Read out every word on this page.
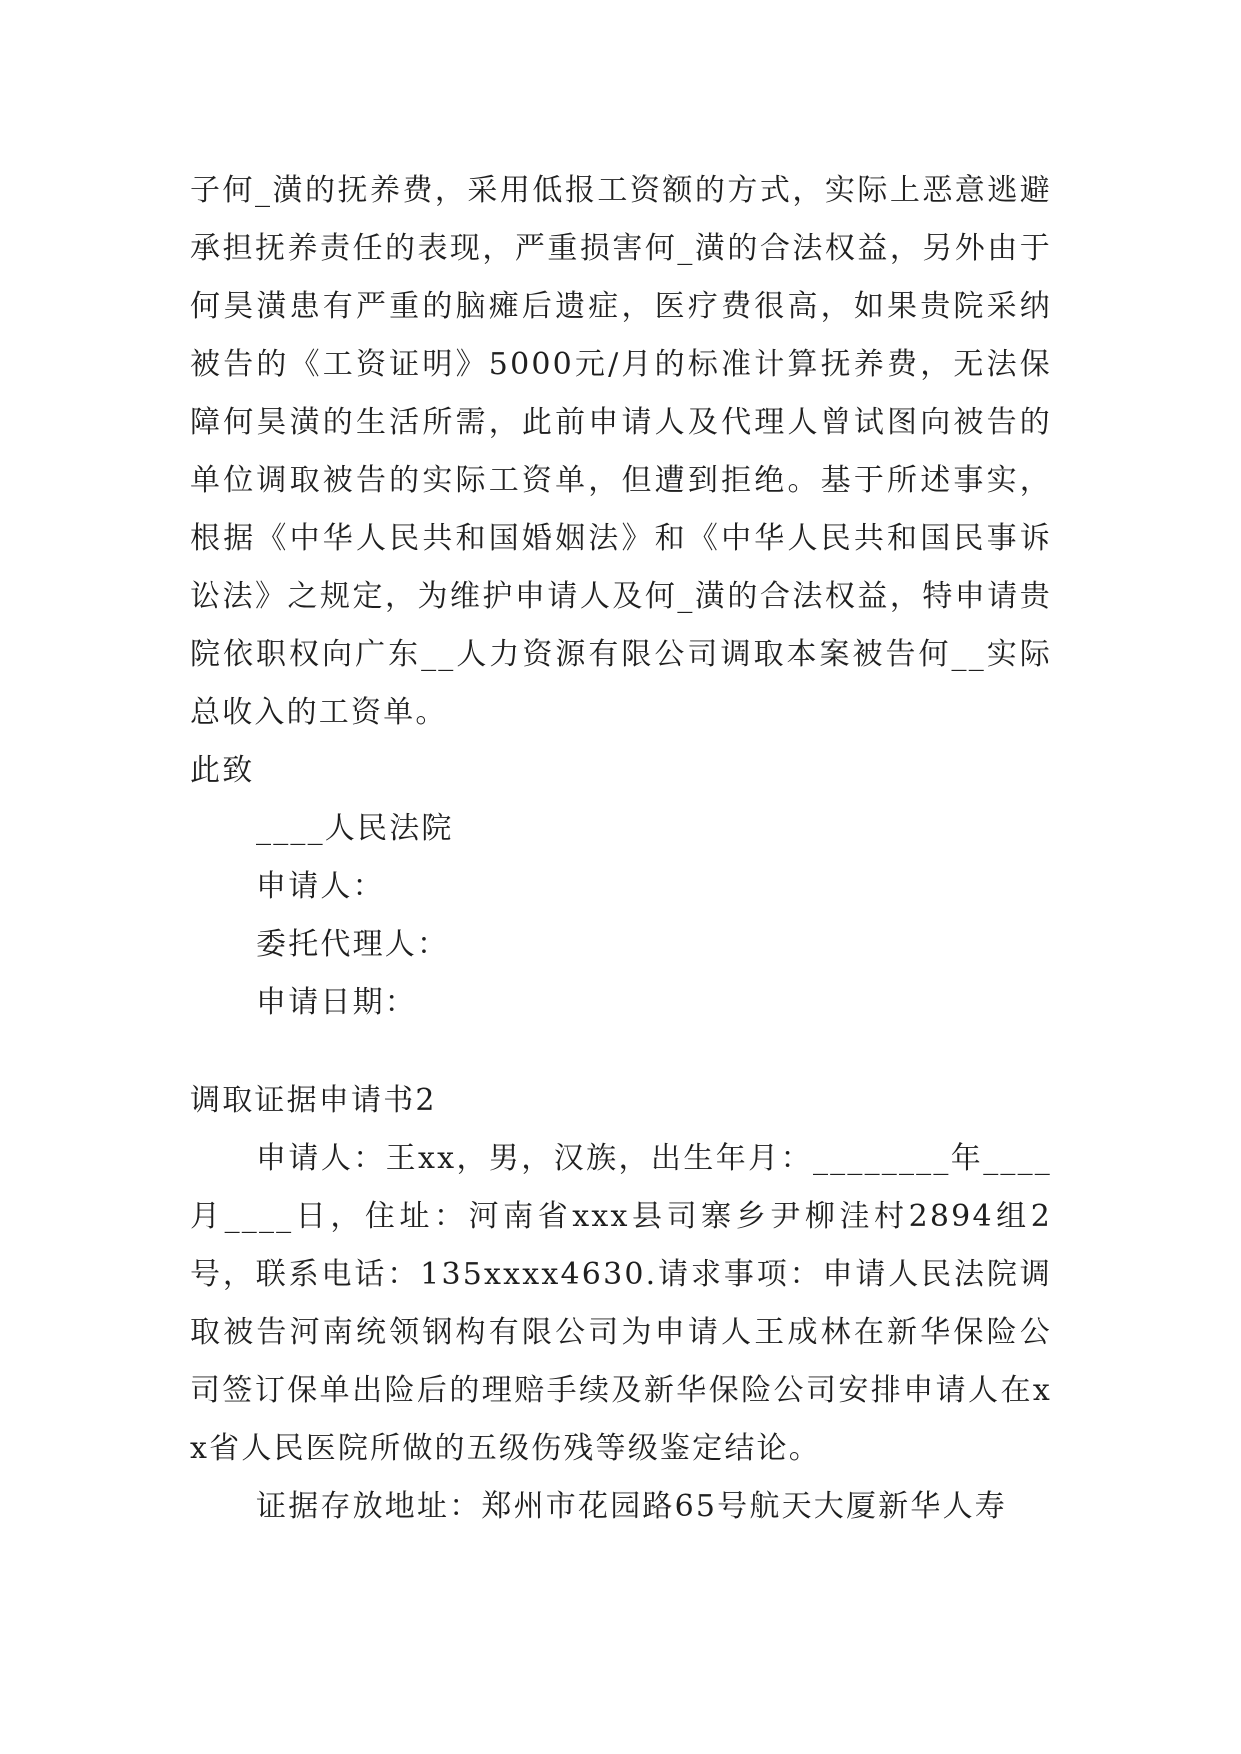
子何_潢的抚养费，采用低报工资额的方式，实际上恶意逃避承担抚养责任的表现，严重损害何_潢的合法权益，另外由于何昊潢患有严重的脑瘫后遗症，医疗费很高，如果贵院采纳被告的《工资证明》5000元/月的标准计算抚养费，无法保障何昊潢的生活所需，此前申请人及代理人曾试图向被告的单位调取被告的实际工资单，但遭到拒绝。基于所述事实，根据《中华人民共和国婚姻法》和《中华人民共和国民事诉讼法》之规定，为维护申请人及何_潢的合法权益，特申请贵院依职权向广东__人力资源有限公司调取本案被告何__实际总收入的工资单。

此致

____人民法院

申请人：

委托代理人：

申请日期：

调取证据申请书2

申请人：王xx，男，汉族，出生年月：________年____月____日，住址：河南省xxx县司寨乡尹柳洼村2894组2号，联系电话：135xxxx4630.请求事项：申请人民法院调取被告河南统领钢构有限公司为申请人王成林在新华保险公司签订保单出险后的理赔手续及新华保险公司安排申请人在xx省人民医院所做的五级伤残等级鉴定结论。

证据存放地址：郑州市花园路65号航天大厦新华人寿
